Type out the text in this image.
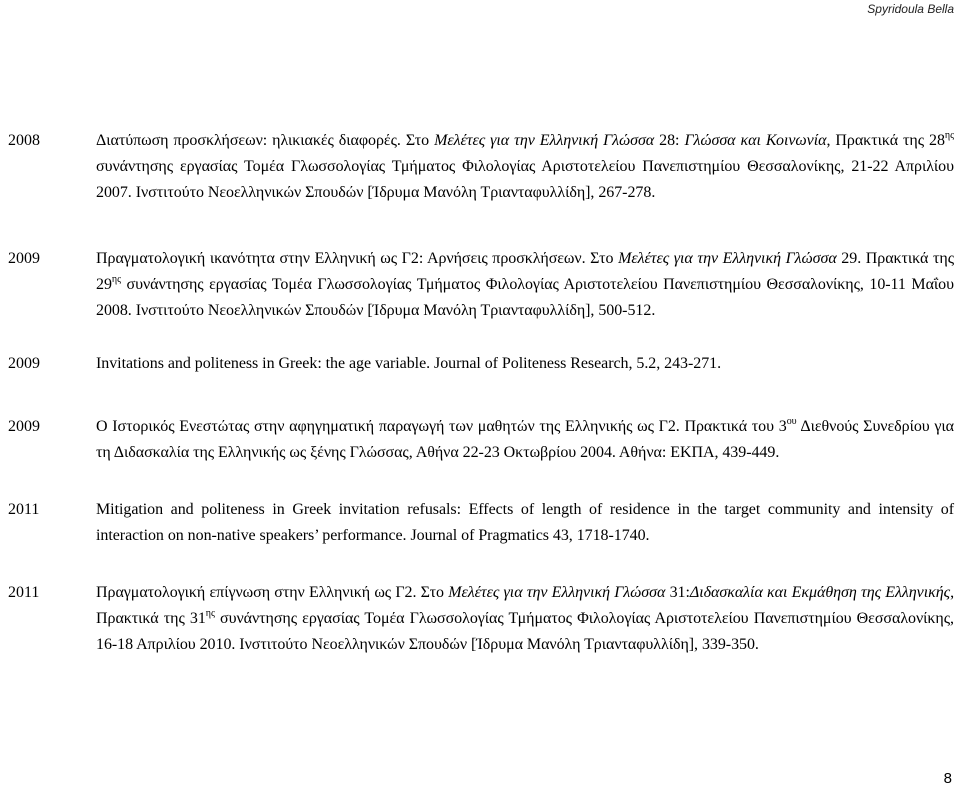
Spyridoula Bella
2008	Διατύπωση προσκλήσεων: ηλικιακές διαφορές. Στο Μελέτες για την Ελληνική Γλώσσα 28: Γλώσσα και Κοινωνία, Πρακτικά της $28^{\eta\varsigma}$ συνάντησης εργασίας Τομέα Γλωσσολογίας Τμήματος Φιλολογίας Αριστοτελείου Πανεπιστημίου Θεσσαλονίκης, 21-22 Απριλίου 2007. Ινστιτούτο Νεοελληνικών Σπουδών [Ίδρυμα Μανόλη Τριανταφυλλίδη], 267-278.
2009	Πραγματολογική ικανότητα στην Ελληνική ως Γ2: Αρνήσεις προσκλήσεων. Στο Μελέτες για την Ελληνική Γλώσσα 29. Πρακτικά της $29^{\eta\varsigma}$ συνάντησης εργασίας Τομέα Γλωσσολογίας Τμήματος Φιλολογίας Αριστοτελείου Πανεπιστημίου Θεσσαλονίκης, 10-11 Μαΐου 2008. Ινστιτούτο Νεοελληνικών Σπουδών [Ίδρυμα Μανόλη Τριανταφυλλίδη], 500-512.
2009	Invitations and politeness in Greek: the age variable. Journal of Politeness Research, 5.2, 243-271.
2009	Ο Ιστορικός Ενεστώτας στην αφηγηματική παραγωγή των μαθητών της Ελληνικής ως Γ2. Πρακτικά του $3^{o\upsilon}$ Διεθνούς Συνεδρίου για τη Διδασκαλία της Ελληνικής ως ξένης Γλώσσας, Αθήνα 22-23 Οκτωβρίου 2004. Αθήνα: ΕΚΠΑ, 439-449.
2011	Mitigation and politeness in Greek invitation refusals: Effects of length of residence in the target community and intensity of interaction on non-native speakers’ performance. Journal of Pragmatics 43, 1718-1740.
2011	Πραγματολογική επίγνωση στην Ελληνική ως Γ2. Στο Μελέτες για την Ελληνική Γλώσσα 31:Διδασκαλία και Εκμάθηση της Ελληνικής, Πρακτικά της $31^{\eta\varsigma}$ συνάντησης εργασίας Τομέα Γλωσσολογίας Τμήματος Φιλολογίας Αριστοτελείου Πανεπιστημίου Θεσσαλονίκης, 16-18 Απριλίου 2010. Ινστιτούτο Νεοελληνικών Σπουδών [Ίδρυμα Μανόλη Τριανταφυλλίδη], 339-350.
8
